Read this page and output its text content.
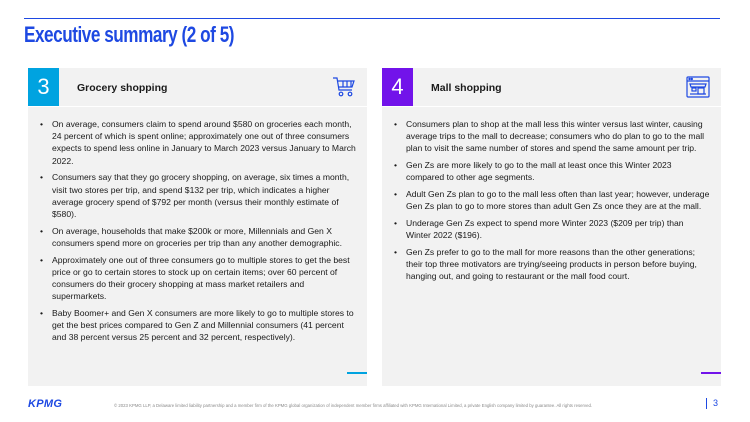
Executive summary (2 of 5)
3	Grocery shopping
• On average, consumers claim to spend around $580 on groceries each month, 24 percent of which is spent online; approximately one out of three consumers expects to spend less online in January to March 2023 versus January to March 2022.
• Consumers say that they go grocery shopping, on average, six times a month, visit two stores per trip, and spend $132 per trip, which indicates a higher average grocery spend of $792 per month (versus their monthly estimate of $580).
• On average, households that make $200k or more, Millennials and Gen X consumers spend more on groceries per trip than any another demographic.
• Approximately one out of three consumers go to multiple stores to get the best price or go to certain stores to stock up on certain items; over 60 percent of consumers do their grocery shopping at mass market retailers and supermarkets.
• Baby Boomer+ and Gen X consumers are more likely to go to multiple stores to get the best prices compared to Gen Z and Millennial consumers (41 percent and 38 percent versus 25 percent and 32 percent, respectively).
4	Mall shopping
• Consumers plan to shop at the mall less this winter versus last winter, causing average trips to the mall to decrease; consumers who do plan to go to the mall plan to visit the same number of stores and spend the same amount per trip.
• Gen Zs are more likely to go to the mall at least once this Winter 2023 compared to other age segments.
• Adult Gen Zs plan to go to the mall less often than last year; however, underage Gen Zs plan to go to more stores than adult Gen Zs once they are at the mall.
• Underage Gen Zs expect to spend more Winter 2023 ($209 per trip) than Winter 2022 ($196).
• Gen Zs prefer to go to the mall for more reasons than the other generations; their top three motivators are trying/seeing products in person before buying, hanging out, and going to restaurant or the mall food court.
KPMG	© 2023 KPMG LLP, a Delaware limited liability partnership and a member firm of the KPMG global organization of independent member firms affiliated with KPMG International Limited, a private English company limited by guarantee. All rights reserved.	3
